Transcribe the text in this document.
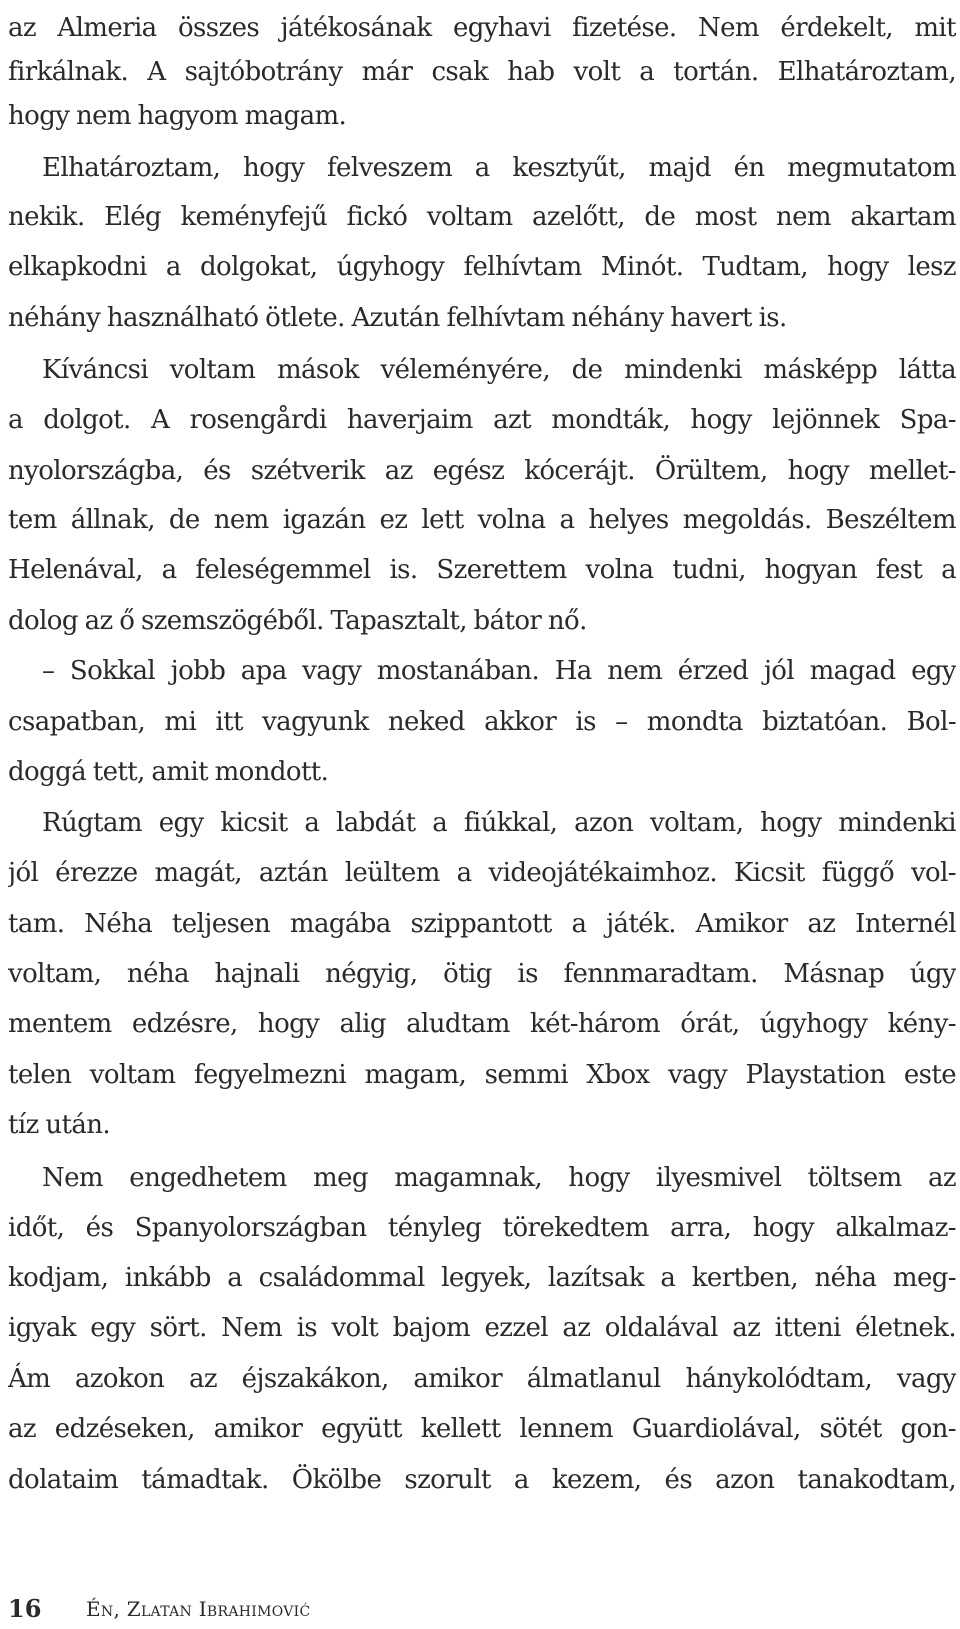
az Almeria összes játékosának egyhavi fizetése. Nem érdekelt, mit
firkálnak. A sajtóbotrány már csak hab volt a tortán. Elhatároztam,
hogy nem hagyom magam.
Elhatároztam, hogy felveszem a kesztyűt, majd én megmutatom
nekik. Elég keményfejű fickó voltam azelőtt, de most nem akartam
elkapkodni a dolgokat, úgyhogy felhívtam Minót. Tudtam, hogy lesz
néhány használható ötlete. Azután felhívtam néhány havert is.
Kíváncsi voltam mások véleményére, de mindenki másképp látta
a dolgot. A rosengårdi haverjaim azt mondták, hogy lejönnek Spa-
nyolországba, és szétverik az egész kócerájt. Örültem, hogy mellet-
tem állnak, de nem igazán ez lett volna a helyes megoldás. Beszéltem
Helenával, a feleségemmel is. Szerettem volna tudni, hogyan fest a
dolog az ő szemszögéből. Tapasztalt, bátor nő.
– Sokkal jobb apa vagy mostanában. Ha nem érzed jól magad egy
csapatban, mi itt vagyunk neked akkor is – mondta biztatóan. Bol-
doggá tett, amit mondott.
Rúgtam egy kicsit a labdát a fiúkkal, azon voltam, hogy mindenki
jól érezze magát, aztán leültem a videojátékaimhoz. Kicsit függő vol-
tam. Néha teljesen magába szippantott a játék. Amikor az Internél
voltam, néha hajnali négyig, ötig is fennmaradtam. Másnap úgy
mentem edzésre, hogy alig aludtam két-három órát, úgyhogy kény-
telen voltam fegyelmezni magam, semmi Xbox vagy Playstation este
tíz után.
Nem engedhetem meg magamnak, hogy ilyesmivel töltsem az
időt, és Spanyolországban tényleg törekedtem arra, hogy alkalmaz-
kodjam, inkább a családommal legyek, lazítsak a kertben, néha meg-
igyak egy sört. Nem is volt bajom ezzel az oldalával az itteni életnek.
Ám azokon az éjszakákon, amikor álmatlanul hánykolódtam, vagy
az edzéseken, amikor együtt kellett lennem Guardiolával, sötét gon-
dolataim támadtak. Ökölbe szorult a kezem, és azon tanakodtam,
16 Én, Zlatan Ibrahimović
